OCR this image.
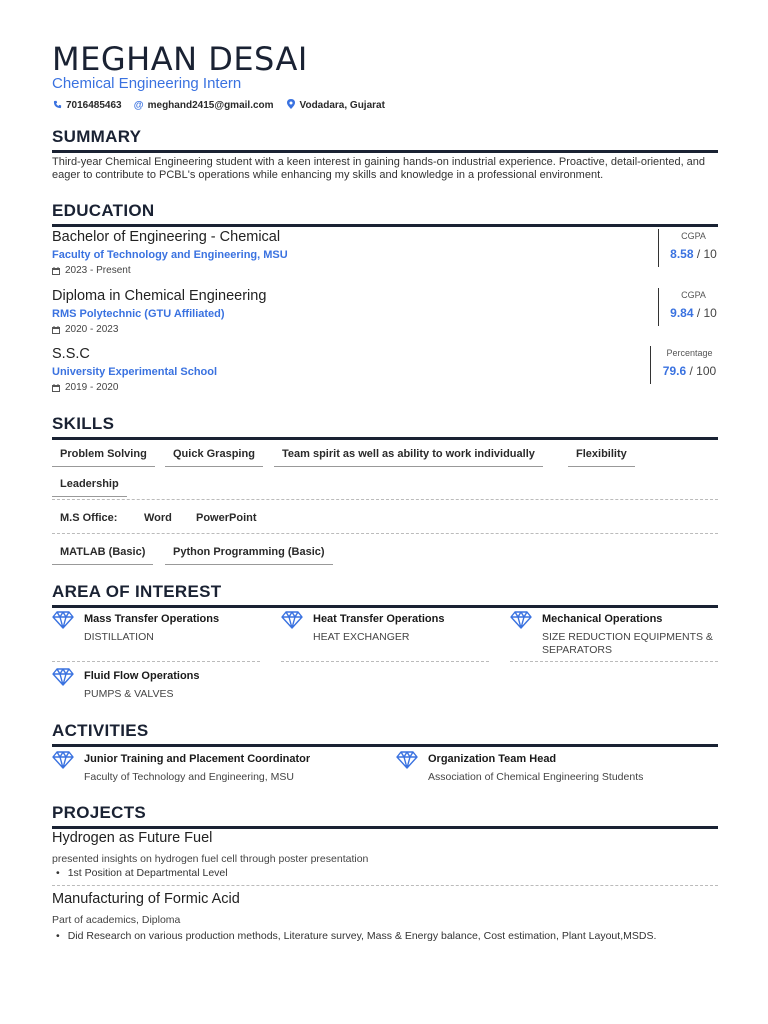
MEGHAN DESAI
Chemical Engineering Intern
7016485463 @ meghand2415@gmail.com	Vodadara, Gujarat
SUMMARY
Third-year Chemical Engineering student with a keen interest in gaining hands-on industrial experience. Proactive, detail-oriented, and eager to contribute to PCBL's operations while enhancing my skills and knowledge in a professional environment.
EDUCATION
Bachelor of Engineering - Chemical
Faculty of Technology and Engineering, MSU
2023 - Present
CGPA
8.58 / 10
Diploma in Chemical Engineering
RMS Polytechnic (GTU Affiliated)
2020 - 2023
CGPA
9.84 / 10
S.S.C
University Experimental School
2019 - 2020
Percentage
79.6 / 100
SKILLS
Problem Solving	Quick Grasping	Team spirit as well as ability to work individually	Flexibility
Leadership
M.S Office:	Word	PowerPoint
MATLAB (Basic)	Python Programming (Basic)
AREA OF INTEREST
Mass Transfer Operations
DISTILLATION
Heat Transfer Operations
HEAT EXCHANGER
Mechanical Operations
SIZE REDUCTION EQUIPMENTS & SEPARATORS
Fluid Flow Operations
PUMPS & VALVES
ACTIVITIES
Junior Training and Placement Coordinator
Faculty of Technology and Engineering, MSU
Organization Team Head
Association of Chemical Engineering Students
PROJECTS
Hydrogen as Future Fuel
presented insights on hydrogen fuel cell through poster presentation
• 1st Position at Departmental Level
Manufacturing of Formic Acid
Part of academics, Diploma
• Did Research on various production methods, Literature survey, Mass & Energy balance, Cost estimation, Plant Layout,MSDS.
